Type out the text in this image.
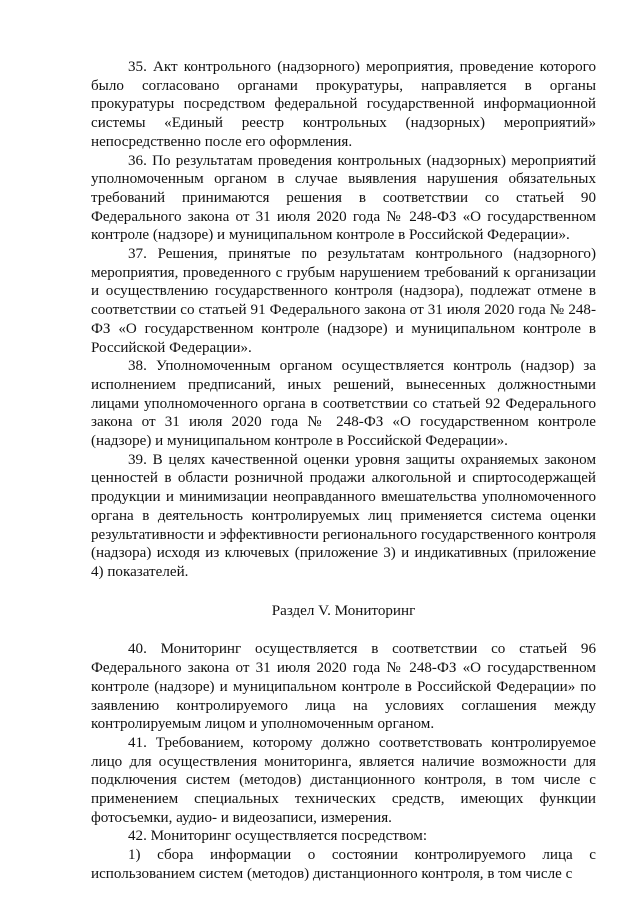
35. Акт контрольного (надзорного) мероприятия, проведение которого было согласовано органами прокуратуры, направляется в органы прокуратуры посредством федеральной государственной информационной системы «Единый реестр контрольных (надзорных) мероприятий» непосредственно после его оформления.

36. По результатам проведения контрольных (надзорных) мероприятий уполномоченным органом в случае выявления нарушения обязательных требований принимаются решения в соответствии со статьей 90 Федерального закона от 31 июля 2020 года № 248-ФЗ «О государственном контроле (надзоре) и муниципальном контроле в Российской Федерации».

37. Решения, принятые по результатам контрольного (надзорного) мероприятия, проведенного с грубым нарушением требований к организации и осуществлению государственного контроля (надзора), подлежат отмене в соответствии со статьей 91 Федерального закона от 31 июля 2020 года № 248-ФЗ «О государственном контроле (надзоре) и муниципальном контроле в Российской Федерации».

38. Уполномоченным органом осуществляется контроль (надзор) за исполнением предписаний, иных решений, вынесенных должностными лицами уполномоченного органа в соответствии со статьей 92 Федерального закона от 31 июля 2020 года № 248-ФЗ «О государственном контроле (надзоре) и муниципальном контроле в Российской Федерации».

39. В целях качественной оценки уровня защиты охраняемых законом ценностей в области розничной продажи алкогольной и спиртосодержащей продукции и минимизации неоправданного вмешательства уполномоченного органа в деятельность контролируемых лиц применяется система оценки результативности и эффективности регионального государственного контроля (надзора) исходя из ключевых (приложение 3) и индикативных (приложение 4) показателей.

Раздел V. Мониторинг

40. Мониторинг осуществляется в соответствии со статьей 96 Федерального закона от 31 июля 2020 года № 248-ФЗ «О государственном контроле (надзоре) и муниципальном контроле в Российской Федерации» по заявлению контролируемого лица на условиях соглашения между контролируемым лицом и уполномоченным органом.

41. Требованием, которому должно соответствовать контролируемое лицо для осуществления мониторинга, является наличие возможности для подключения систем (методов) дистанционного контроля, в том числе с применением специальных технических средств, имеющих функции фотосъемки, аудио- и видеозаписи, измерения.

42. Мониторинг осуществляется посредством:

1) сбора информации о состоянии контролируемого лица с использованием систем (методов) дистанционного контроля, в том числе с
